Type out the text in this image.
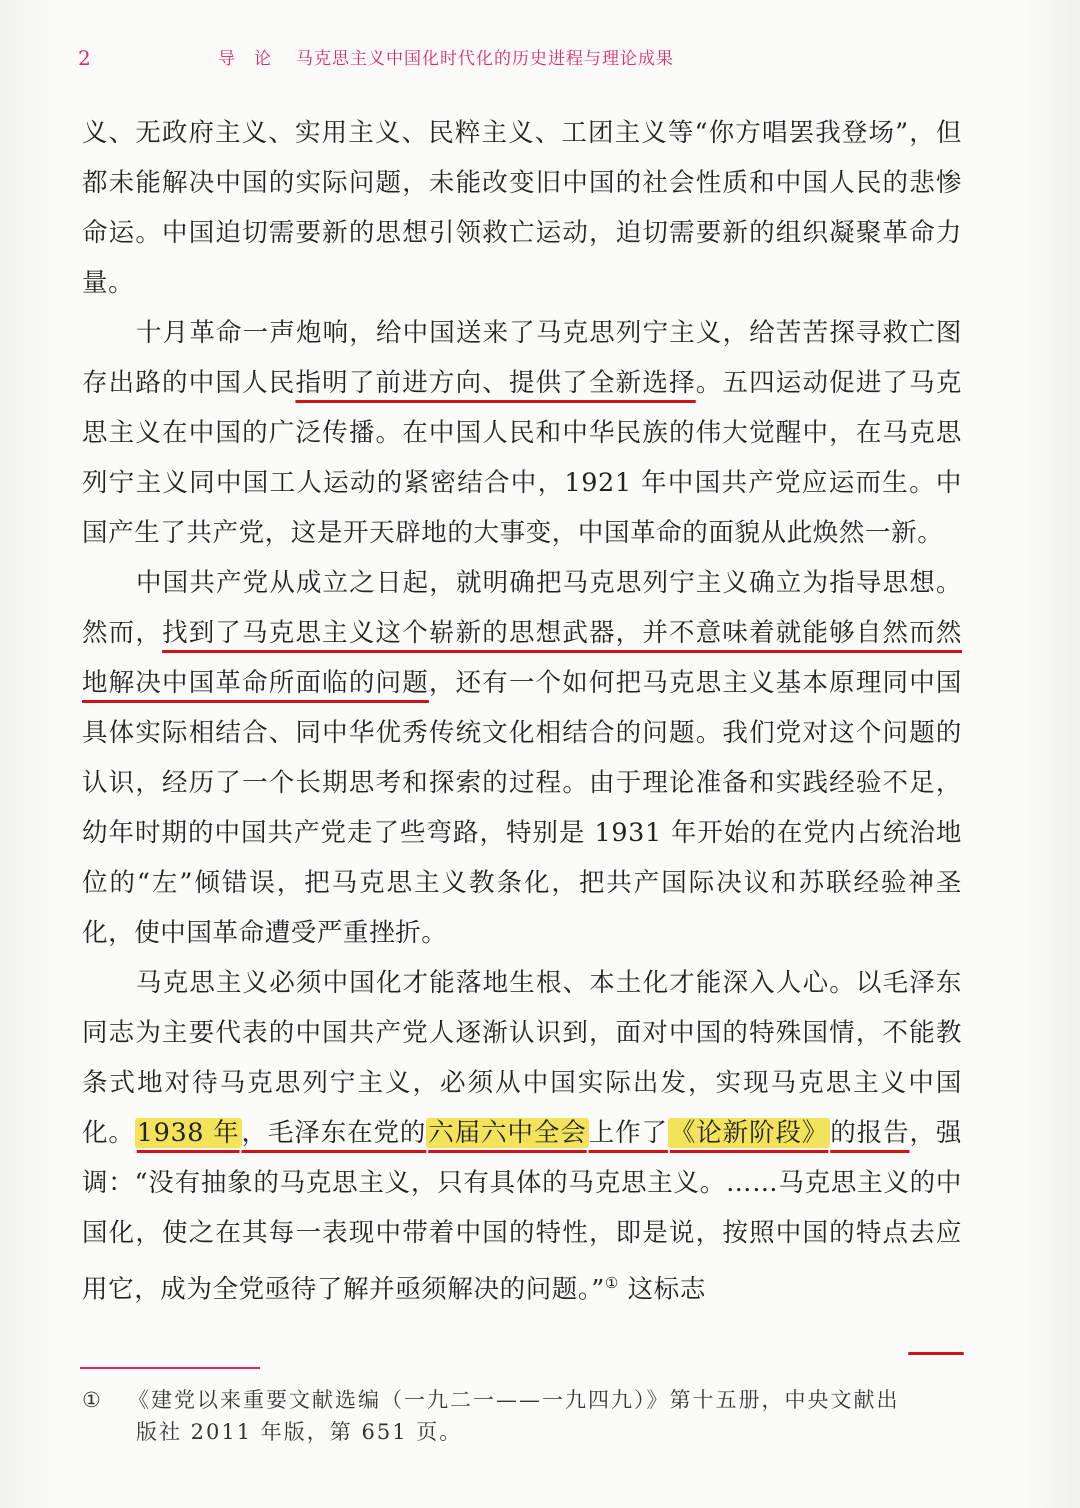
2	导　论 马克思主义中国化时代化的历史进程与理论成果

义、无政府主义、实用主义、民粹主义、工团主义等“你方唱罢我登场”，但都未能解决中国的实际问题，未能改变旧中国的社会性质和中国人民的悲惨命运。中国迫切需要新的思想引领救亡运动，迫切需要新的组织凝聚革命力量。

十月革命一声炮响，给中国送来了马克思列宁主义，给苦苦探寻救亡图存出路的中国人民指明了前进方向、提供了全新选择。五四运动促进了马克思主义在中国的广泛传播。在中国人民和中华民族的伟大觉醒中，在马克思列宁主义同中国工人运动的紧密结合中，1921 年中国共产党应运而生。中国产生了共产党，这是开天辟地的大事变，中国革命的面貌从此焕然一新。

中国共产党从成立之日起，就明确把马克思列宁主义确立为指导思想。然而，找到了马克思主义这个崭新的思想武器，并不意味着就能够自然而然地解决中国革命所面临的问题，还有一个如何把马克思主义基本原理同中国具体实际相结合、同中华优秀传统文化相结合的问题。我们党对这个问题的认识，经历了一个长期思考和探索的过程。由于理论准备和实践经验不足，幼年时期的中国共产党走了些弯路，特别是 1931 年开始的在党内占统治地位的“左”倾错误，把马克思主义教条化，把共产国际决议和苏联经验神圣化，使中国革命遭受严重挫折。

马克思主义必须中国化才能落地生根、本土化才能深入人心。以毛泽东同志为主要代表的中国共产党人逐渐认识到，面对中国的特殊国情，不能教条式地对待马克思列宁主义，必须从中国实际出发，实现马克思主义中国化。1938 年，毛泽东在党的六届六中全会上作了《论新阶段》的报告，强调：“没有抽象的马克思主义，只有具体的马克思主义。……马克思主义的中国化，使之在其每一表现中带着中国的特性，即是说，按照中国的特点去应用它，成为全党亟待了解并亟须解决的问题。”① 这标志

① 《建党以来重要文献选编（一九二一——一九四九）》第十五册，中央文献出
版社 2011 年版，第 651 页。
